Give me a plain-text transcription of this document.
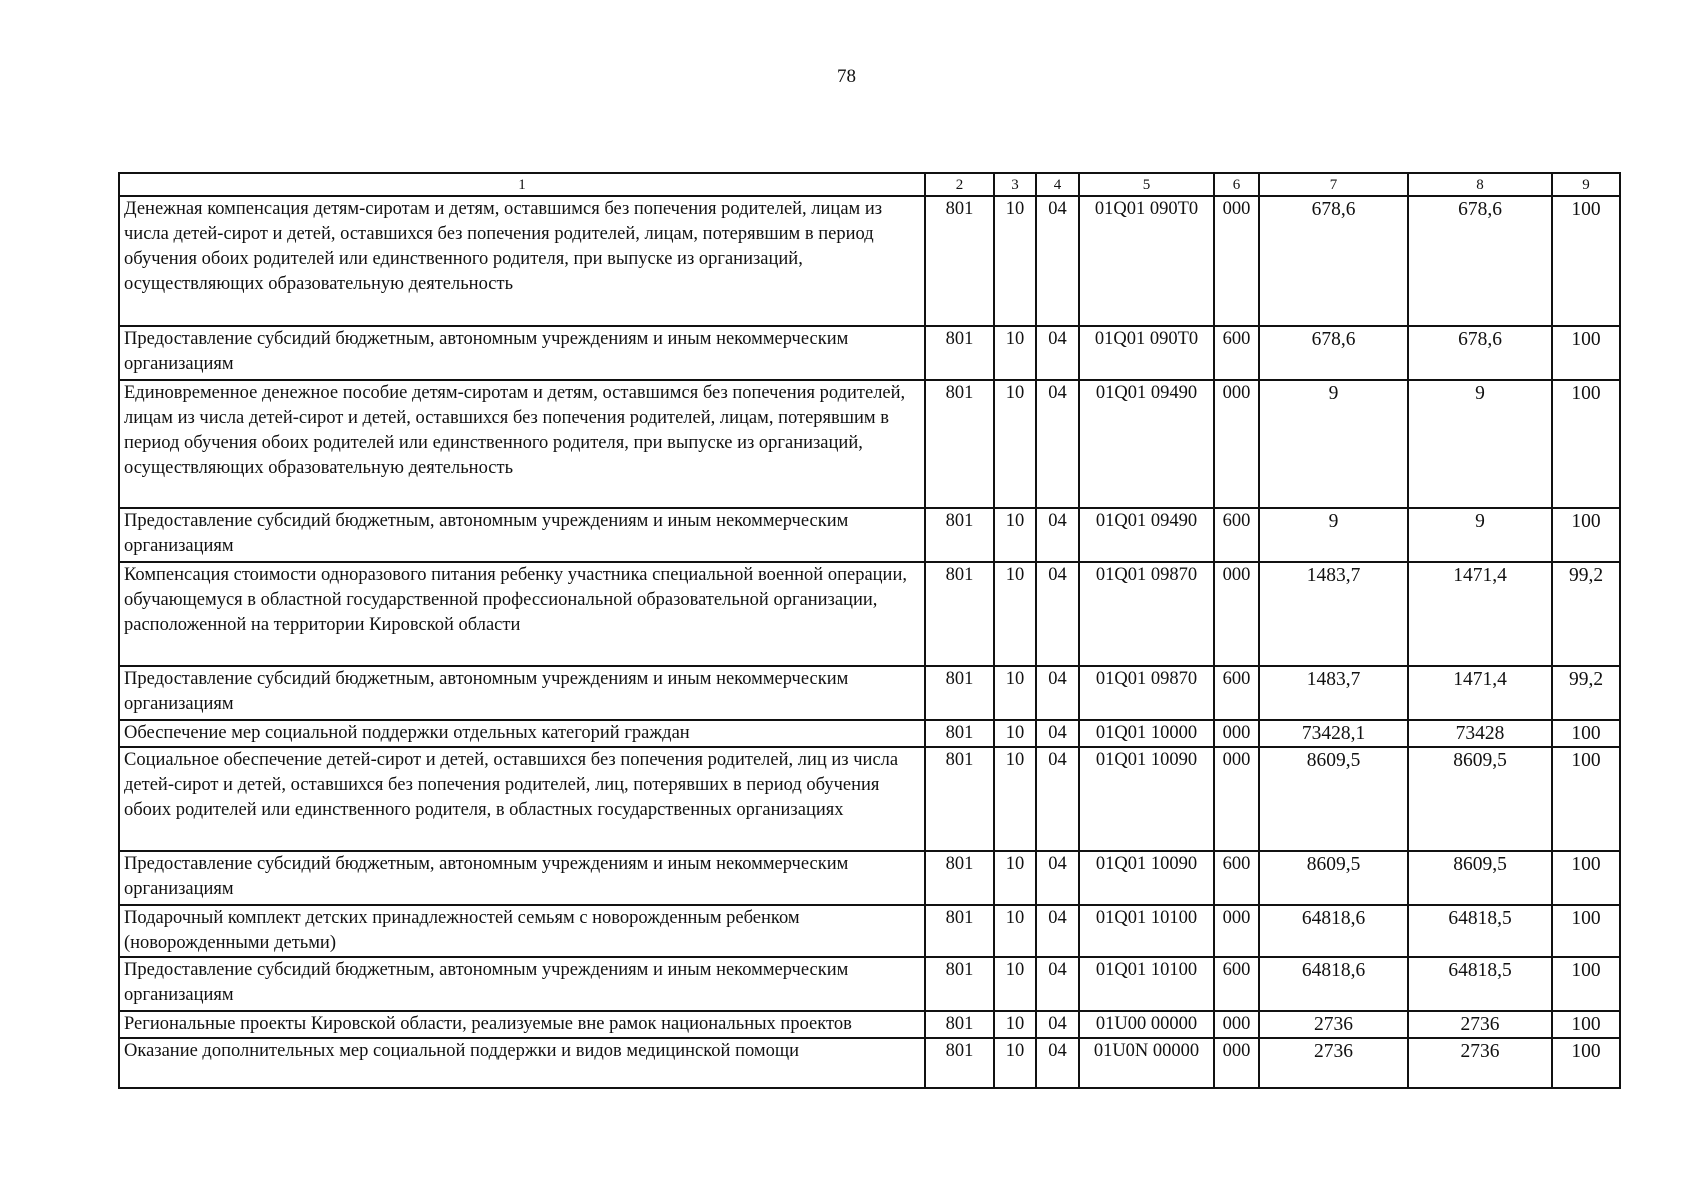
78
1	2	3	4	5	6	7	8	9
Денежная компенсация детям-сиротам и детям, оставшимся без попечения родителей, лицам из числа детей-сирот и детей, оставшихся без попечения родителей, лицам, потерявшим в период обучения обоих родителей или единственного родителя, при выпуске из организаций, осуществляющих образовательную деятельность	801	10	04	01Q01 090T0	000	678,6	678,6	100
Предоставление субсидий бюджетным, автономным учреждениям и иным некоммерческим организациям	801	10	04	01Q01 090T0	600	678,6	678,6	100
Единовременное денежное пособие детям-сиротам и детям, оставшимся без попечения родителей, лицам из числа детей-сирот и детей, оставшихся без попечения родителей, лицам, потерявшим в период обучения обоих родителей или единственного родителя, при выпуске из организаций, осуществляющих образовательную деятельность	801	10	04	01Q01 09490	000	9	9	100
Предоставление субсидий бюджетным, автономным учреждениям и иным некоммерческим организациям	801	10	04	01Q01 09490	600	9	9	100
Компенсация стоимости одноразового питания ребенку участника специальной военной операции, обучающемуся в областной государственной профессиональной образовательной организации, расположенной на территории Кировской области	801	10	04	01Q01 09870	000	1483,7	1471,4	99,2
Предоставление субсидий бюджетным, автономным учреждениям и иным некоммерческим организациям	801	10	04	01Q01 09870	600	1483,7	1471,4	99,2
Обеспечение мер социальной поддержки отдельных категорий граждан	801	10	04	01Q01 10000	000	73428,1	73428	100
Социальное обеспечение детей-сирот и детей, оставшихся без попечения родителей, лиц из числа детей-сирот и детей, оставшихся без попечения родителей, лиц, потерявших в период обучения обоих родителей или единственного родителя, в областных государственных организациях	801	10	04	01Q01 10090	000	8609,5	8609,5	100
Предоставление субсидий бюджетным, автономным учреждениям и иным некоммерческим организациям	801	10	04	01Q01 10090	600	8609,5	8609,5	100
Подарочный комплект детских принадлежностей семьям с новорожденным ребенком (новорожденными детьми)	801	10	04	01Q01 10100	000	64818,6	64818,5	100
Предоставление субсидий бюджетным, автономным учреждениям и иным некоммерческим организациям	801	10	04	01Q01 10100	600	64818,6	64818,5	100
Региональные проекты Кировской области, реализуемые вне рамок национальных проектов	801	10	04	01U00 00000	000	2736	2736	100
Оказание дополнительных мер социальной поддержки и видов медицинской помощи	801	10	04	01U0N 00000	000	2736	2736	100
